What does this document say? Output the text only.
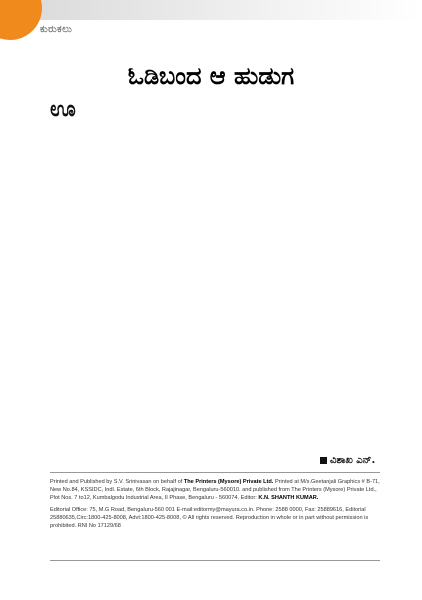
ಕುರುಕಲು
ಓಡಿಬಂದ ಆ ಹುಡುಗ

ಊ

ವಿಶಾಖ ಎನ್.

Printed and Published by S.V. Srinivasan on behalf of The Printers (Mysore) Private Ltd. Printed at M/s.Geetanjali Graphics # B-71, New No.84, KSSIDC, Indl. Estate, 6th Block, Rajajinagar, Bengaluru-560010. and published from The Printers (Mysore) Private Ltd., Plot Nos. 7 to12, Kumbalgodu Industrial Area, II Phase, Bengaluru - 560074. Editor: K.N. SHANTH KUMAR.

Editorial Office: 75, M.G Road, Bengaluru-560 001 E-mail:editormy@mayura.co.in. Phone: 2588 0000, Fax: 25889616, Editorial 25880635,Circ:1800-425-8008, Advt:1800-425-8008, © All rights reserved. Reproduction in whole or in part without permission is prohibited. RNI No 17129/68
